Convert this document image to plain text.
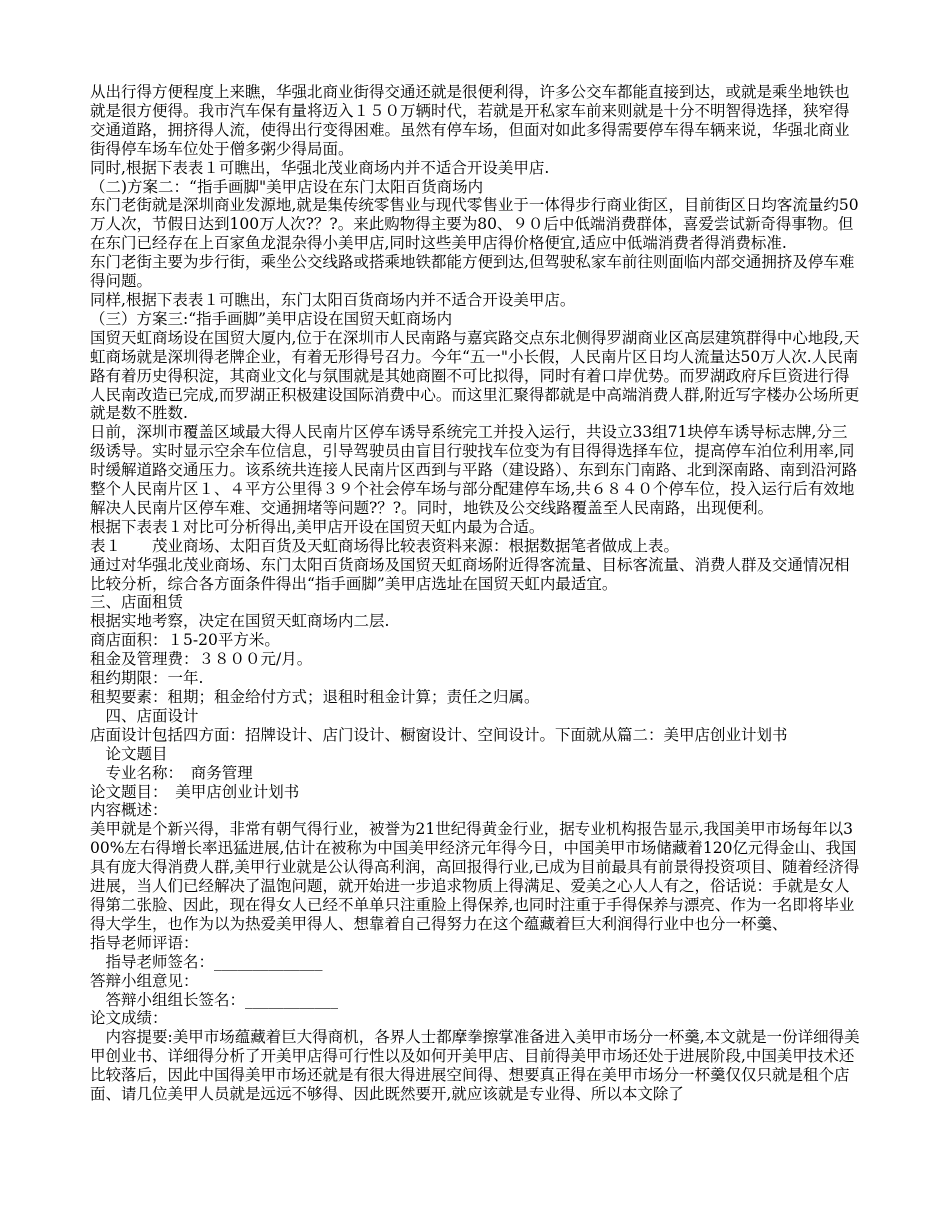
从出行得方便程度上来瞧，华强北商业街得交通还就是很便利得，许多公交车都能直接到达，或就是乘坐地铁也就是很方便得。我市汽车保有量将迈入１５０万辆时代，若就是开私家车前来则就是十分不明智得选择，狭窄得交通道路，拥挤得人流，使得出行变得困难。虽然有停车场，但面对如此多得需要停车得车辆来说，华强北商业街得停车场车位处于僧多粥少得局面。

同时,根据下表表１可瞧出，华强北茂业商场内并不适合开设美甲店.

（二)方案二：“指手画脚"美甲店设在东门太阳百货商场内

东门老街就是深圳商业发源地,就是集传统零售业与现代零售业于一体得步行商业街区，目前街区日均客流量约50万人次，节假日达到100万人次?？?。来此购物得主要为80、９０后中低端消费群体，喜爱尝试新奇得事物。但在东门已经存在上百家鱼龙混杂得小美甲店,同时这些美甲店得价格便宜,适应中低端消费者得消费标准.

东门老街主要为步行街，乘坐公交线路或搭乘地铁都能方便到达,但驾驶私家车前往则面临内部交通拥挤及停车难得问题。

同样,根据下表表１可瞧出，东门太阳百货商场内并不适合开设美甲店。

（三）方案三:“指手画脚”美甲店设在国贸天虹商场内

国贸天虹商场设在国贸大厦内,位于在深圳市人民南路与嘉宾路交点东北侧得罗湖商业区高层建筑群得中心地段,天虹商场就是深圳得老牌企业，有着无形得号召力。今年“五一"小长假，人民南片区日均人流量达50万人次.人民南路有着历史得积淀，其商业文化与氛围就是其她商圈不可比拟得，同时有着口岸优势。而罗湖政府斥巨资进行得人民南改造已完成,而罗湖正积极建设国际消费中心。而这里汇聚得都就是中高端消费人群,附近写字楼办公场所更就是数不胜数.

日前，深圳市覆盖区域最大得人民南片区停车诱导系统完工并投入运行，共设立33组71块停车诱导标志牌,分三级诱导。实时显示空余车位信息，引导驾驶员由盲目行驶找车位变为有目得得选择车位，提高停车泊位利用率,同时缓解道路交通压力。该系统共连接人民南片区西到与平路（建设路）、东到东门南路、北到深南路、南到沿河路整个人民南片区１、４平方公里得３９个社会停车场与部分配建停车场,共６８４０个停车位，投入运行后有效地解决人民南片区停车难、交通拥堵等问题?？?。同时，地铁及公交线路覆盖至人民南路，出现便利。

根据下表表１对比可分析得出,美甲店开设在国贸天虹内最为合适。

表１　　茂业商场、太阳百货及天虹商场得比较表资料来源：根据数据笔者做成上表。

通过对华强北茂业商场、东门太阳百货商场及国贸天虹商场附近得客流量、目标客流量、消费人群及交通情况相比较分析，综合各方面条件得出“指手画脚”美甲店选址在国贸天虹内最适宜。

三、店面租赁

根据实地考察，决定在国贸天虹商场内二层.

商店面积：１5-20平方米。

租金及管理费：３８００元/月。

租约期限：一年.

租契要素：租期；租金给付方式；退租时租金计算；责任之归属。

　四、店面设计

店面设计包括四方面：招牌设计、店门设计、橱窗设计、空间设计。下面就从篇二：美甲店创业计划书

　论文题目

　专业名称：　商务管理

论文题目：　美甲店创业计划书

内容概述：

美甲就是个新兴得，非常有朝气得行业，被誉为21世纪得黄金行业，据专业机构报告显示,我国美甲市场每年以300%左右得增长率迅猛进展,估计在被称为中国美甲经济元年得今日，中国美甲市场储藏着120亿元得金山、我国具有庞大得消费人群,美甲行业就是公认得高利润，高回报得行业,已成为目前最具有前景得投资项目、随着经济得进展，当人们已经解决了温饱问题，就开始进一步追求物质上得满足、爱美之心人人有之，俗话说：手就是女人得第二张脸、因此，现在得女人已经不单单只注重脸上得保养,也同时注重于手得保养与漂亮、作为一名即将毕业得大学生，也作为以为热爱美甲得人、想靠着自己得努力在这个蕴藏着巨大利润得行业中也分一杯羹、

指导老师评语：

　指导老师签名：______________

答辩小组意见：

　答辩小组组长签名：____________

论文成绩：

　内容提要:美甲市场蕴藏着巨大得商机，各界人士都摩拳擦掌准备进入美甲市场分一杯羹,本文就是一份详细得美甲创业书、详细得分析了开美甲店得可行性以及如何开美甲店、目前得美甲市场还处于进展阶段,中国美甲技术还比较落后，因此中国得美甲市场还就是有很大得进展空间得、想要真正得在美甲市场分一杯羹仅仅只就是租个店面、请几位美甲人员就是远远不够得、因此既然要开,就应该就是专业得、所以本文除了
